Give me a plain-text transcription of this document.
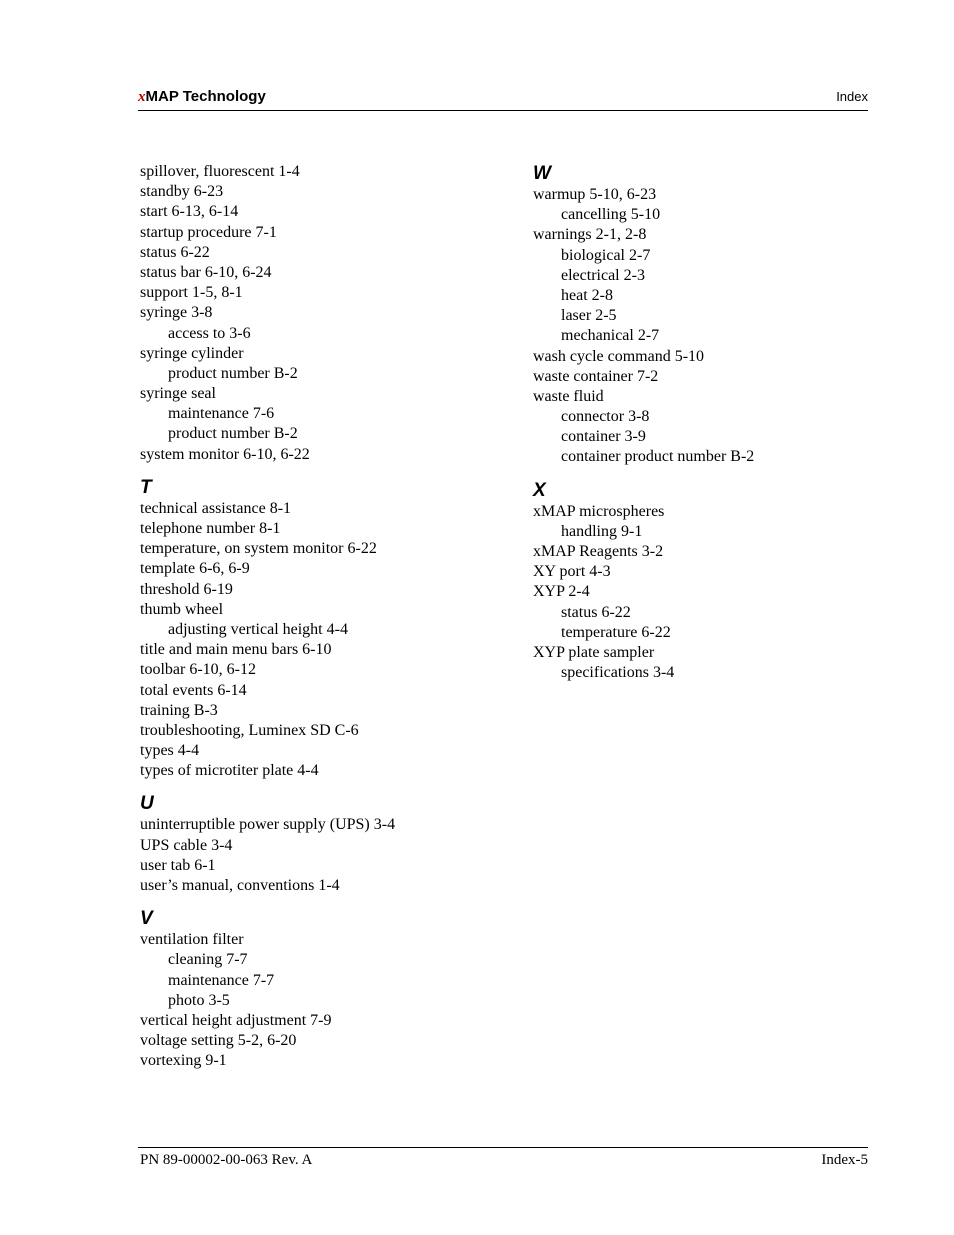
xMAP Technology	Index
spillover, fluorescent 1-4
standby 6-23
start 6-13, 6-14
startup procedure 7-1
status 6-22
status bar 6-10, 6-24
support 1-5, 8-1
syringe 3-8
access to 3-6
syringe cylinder
product number B-2
syringe seal
maintenance 7-6
product number B-2
system monitor 6-10, 6-22
T
technical assistance 8-1
telephone number 8-1
temperature, on system monitor 6-22
template 6-6, 6-9
threshold 6-19
thumb wheel
adjusting vertical height 4-4
title and main menu bars 6-10
toolbar 6-10, 6-12
total events 6-14
training B-3
troubleshooting, Luminex SD C-6
types 4-4
types of microtiter plate 4-4
U
uninterruptible power supply (UPS) 3-4
UPS cable 3-4
user tab 6-1
user’s manual, conventions 1-4
V
ventilation filter
cleaning 7-7
maintenance 7-7
photo 3-5
vertical height adjustment 7-9
voltage setting 5-2, 6-20
vortexing 9-1
W
warmup 5-10, 6-23
cancelling 5-10
warnings 2-1, 2-8
biological 2-7
electrical 2-3
heat 2-8
laser 2-5
mechanical 2-7
wash cycle command 5-10
waste container 7-2
waste fluid
connector 3-8
container 3-9
container product number B-2
X
xMAP microspheres
handling 9-1
xMAP Reagents 3-2
XY port 4-3
XYP 2-4
status 6-22
temperature 6-22
XYP plate sampler
specifications 3-4
PN 89-00002-00-063 Rev. A	Index-5
